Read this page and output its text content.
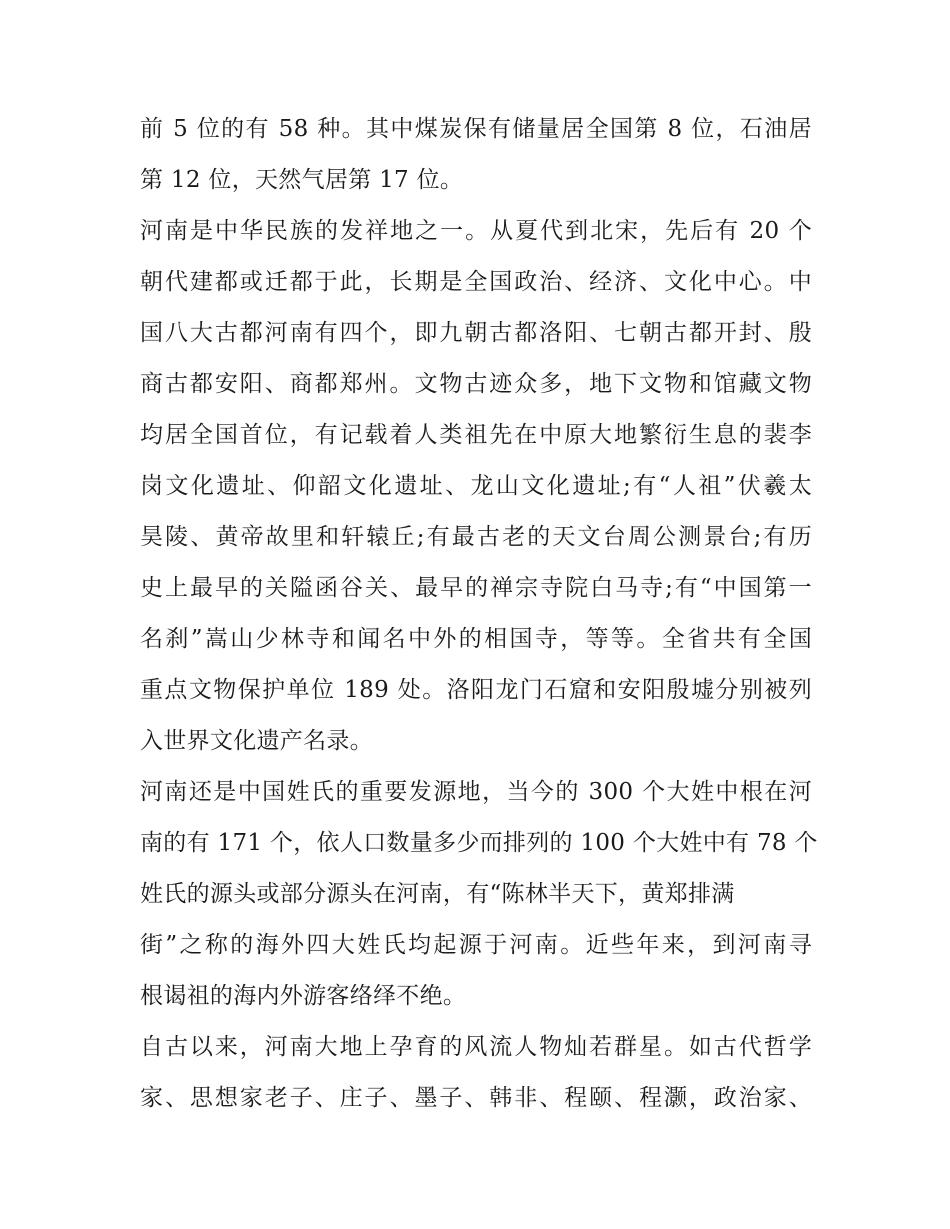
前 5 位的有 58 种。其中煤炭保有储量居全国第 8 位，石油居
第 12 位，天然气居第 17 位。
河南是中华民族的发祥地之一。从夏代到北宋，先后有 20 个
朝代建都或迁都于此，长期是全国政治、经济、文化中心。中
国八大古都河南有四个，即九朝古都洛阳、七朝古都开封、殷
商古都安阳、商都郑州。文物古迹众多，地下文物和馆藏文物
均居全国首位，有记载着人类祖先在中原大地繁衍生息的裴李
岗文化遗址、仰韶文化遗址、龙山文化遗址;有“人祖”伏羲太
昊陵、黄帝故里和轩辕丘;有最古老的天文台周公测景台;有历
史上最早的关隘函谷关、最早的禅宗寺院白马寺;有“中国第一
名刹”嵩山少林寺和闻名中外的相国寺，等等。全省共有全国
重点文物保护单位 189 处。洛阳龙门石窟和安阳殷墟分别被列
入世界文化遗产名录。
河南还是中国姓氏的重要发源地，当今的 300 个大姓中根在河
南的有 171 个，依人口数量多少而排列的 100 个大姓中有 78 个
姓氏的源头或部分源头在河南，有“陈林半天下，黄郑排满
街”之称的海外四大姓氏均起源于河南。近些年来，到河南寻
根谒祖的海内外游客络绎不绝。
自古以来，河南大地上孕育的风流人物灿若群星。如古代哲学
家、思想家老子、庄子、墨子、韩非、程颐、程灏，政治家、
